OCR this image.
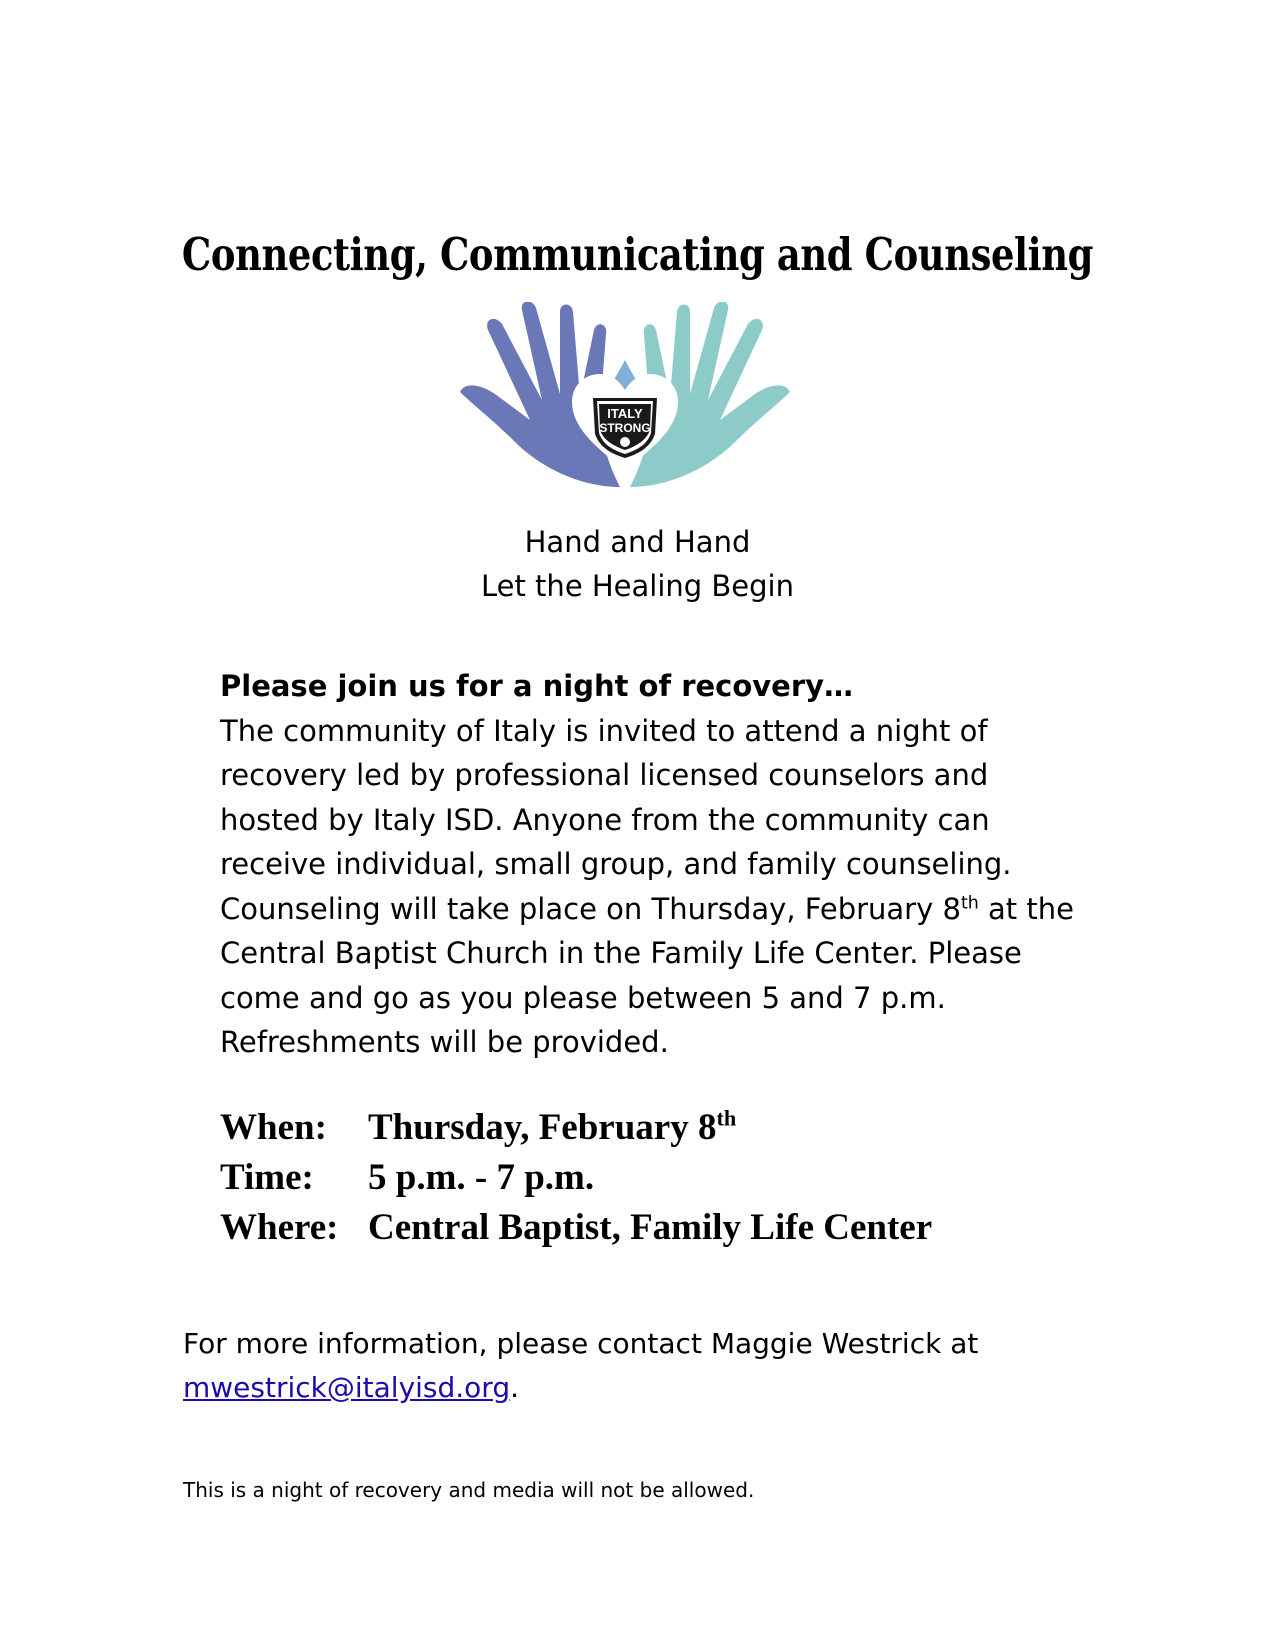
Connecting, Communicating and Counseling
ITALY
STRONG
Hand and Hand
Let the Healing Begin
Please join us for a night of recovery…
The community of Italy is invited to attend a night of recovery led by professional licensed counselors and hosted by Italy ISD. Anyone from the community can receive individual, small group, and family counseling. Counseling will take place on Thursday, February 8th at the Central Baptist Church in the Family Life Center. Please come and go as you please between 5 and 7 p.m. Refreshments will be provided.
When:	Thursday, February 8th
Time:	5 p.m. - 7 p.m.
Where: Central Baptist, Family Life Center
For more information, please contact Maggie Westrick at
mwestrick@italyisd.org.
This is a night of recovery and media will not be allowed.
